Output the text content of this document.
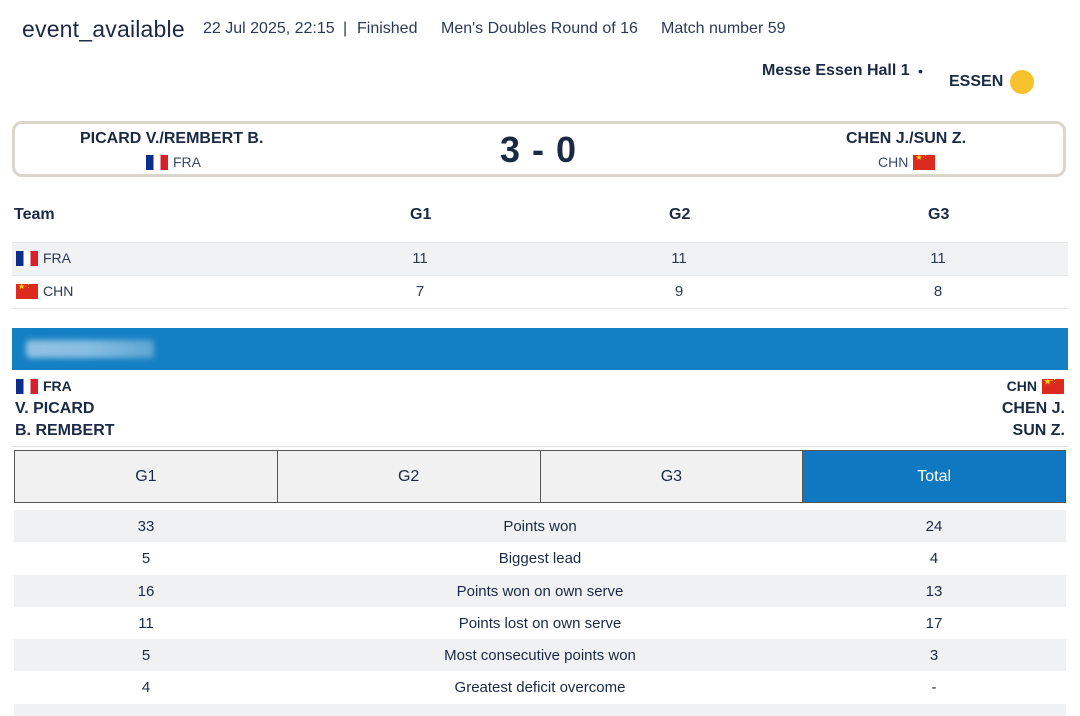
event_available 22 Jul 2025, 22:15 | Finished Men's Doubles Round of 16 Match number 59
Messe Essen Hall 1 •
ESSEN
PICARD V./REMBERT B.
FRA	3 - 0	CHEN J./SUN Z.
CHN
★ ·:
Team	G1	G2	G3
FRA	11	11	11
★ ·:
CHN	7	9	8
FRA
V. PICARD
B. REMBERT
CHN
★ ·:
CHEN J.
SUN Z.
G1	G2	G3	Total
33	Points won	24
5	Biggest lead	4
16	Points won on own serve	13
11	Points lost on own serve	17
5	Most consecutive points won	3
4	Greatest deficit overcome	-
